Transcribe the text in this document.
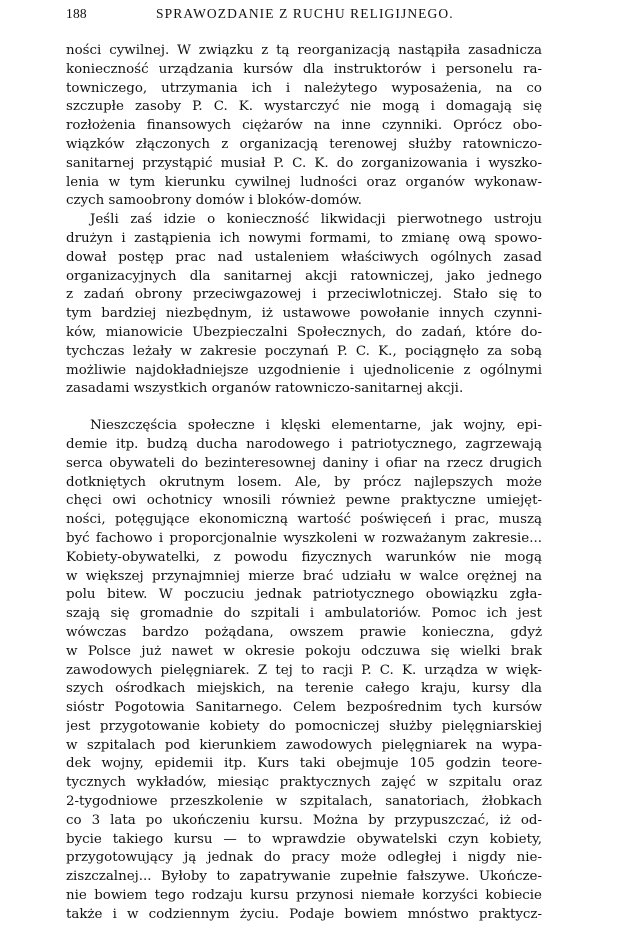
188	SPRAWOZDANIE Z RUCHU RELIGIJNEGO.
ności cywilnej. W związku z tą reorganizacją nastąpiła zasadnicza
konieczność urządzania kursów dla instruktorów i personelu ra-
towniczego, utrzymania ich i należytego wyposażenia, na co
szczupłe zasoby P. C. K. wystarczyć nie mogą i domagają się
rozłożenia finansowych ciężarów na inne czynniki. Oprócz obo-
wiązków złączonych z organizacją terenowej służby ratowniczo-
sanitarnej przystąpić musiał P. C. K. do zorganizowania i wyszko-
lenia w tym kierunku cywilnej ludności oraz organów wykonaw-
czych samoobrony domów i bloków-domów.
Jeśli zaś idzie o konieczność likwidacji pierwotnego ustroju
drużyn i zastąpienia ich nowymi formami, to zmianę ową spowo-
dował postęp prac nad ustaleniem właściwych ogólnych zasad
organizacyjnych dla sanitarnej akcji ratowniczej, jako jednego
z zadań obrony przeciwgazowej i przeciwlotniczej. Stało się to
tym bardziej niezbędnym, iż ustawowe powołanie innych czynni-
ków, mianowicie Ubezpieczalni Społecznych, do zadań, które do-
tychczas leżały w zakresie poczynań P. C. K., pociągnęło za sobą
możliwie najdokładniejsze uzgodnienie i ujednolicenie z ogólnymi
zasadami wszystkich organów ratowniczo-sanitarnej akcji.
Nieszczęścia społeczne i klęski elementarne, jak wojny, epi-
demie itp. budzą ducha narodowego i patriotycznego, zagrzewają
serca obywateli do bezinteresownej daniny i ofiar na rzecz drugich
dotkniętych okrutnym losem. Ale, by prócz najlepszych może
chęci owi ochotnicy wnosili również pewne praktyczne umiejęt-
ności, potęgujące ekonomiczną wartość poświęceń i prac, muszą
być fachowo i proporcjonalnie wyszkoleni w rozważanym zakresie...
Kobiety-obywatelki, z powodu fizycznych warunków nie mogą
w większej przynajmniej mierze brać udziału w walce orężnej na
polu bitew. W poczuciu jednak patriotycznego obowiązku zgła-
szają się gromadnie do szpitali i ambulatoriów. Pomoc ich jest
wówczas bardzo pożądana, owszem prawie konieczna, gdyż
w Polsce już nawet w okresie pokoju odczuwa się wielki brak
zawodowych pielęgniarek. Z tej to racji P. C. K. urządza w więk-
szych ośrodkach miejskich, na terenie całego kraju, kursy dla
sióstr Pogotowia Sanitarnego. Celem bezpośrednim tych kursów
jest przygotowanie kobiety do pomocniczej służby pielęgniarskiej
w szpitalach pod kierunkiem zawodowych pielęgniarek na wypa-
dek wojny, epidemii itp. Kurs taki obejmuje 105 godzin teore-
tycznych wykładów, miesiąc praktycznych zajęć w szpitalu oraz
2-tygodniowe przeszkolenie w szpitalach, sanatoriach, żłobkach
co 3 lata po ukończeniu kursu. Można by przypuszczać, iż od-
bycie takiego kursu — to wprawdzie obywatelski czyn kobiety,
przygotowujący ją jednak do pracy może odległej i nigdy nie-
ziszczalnej... Byłoby to zapatrywanie zupełnie fałszywe. Ukończe-
nie bowiem tego rodzaju kursu przynosi niemałe korzyści kobiecie
także i w codziennym życiu. Podaje bowiem mnóstwo praktycz-
